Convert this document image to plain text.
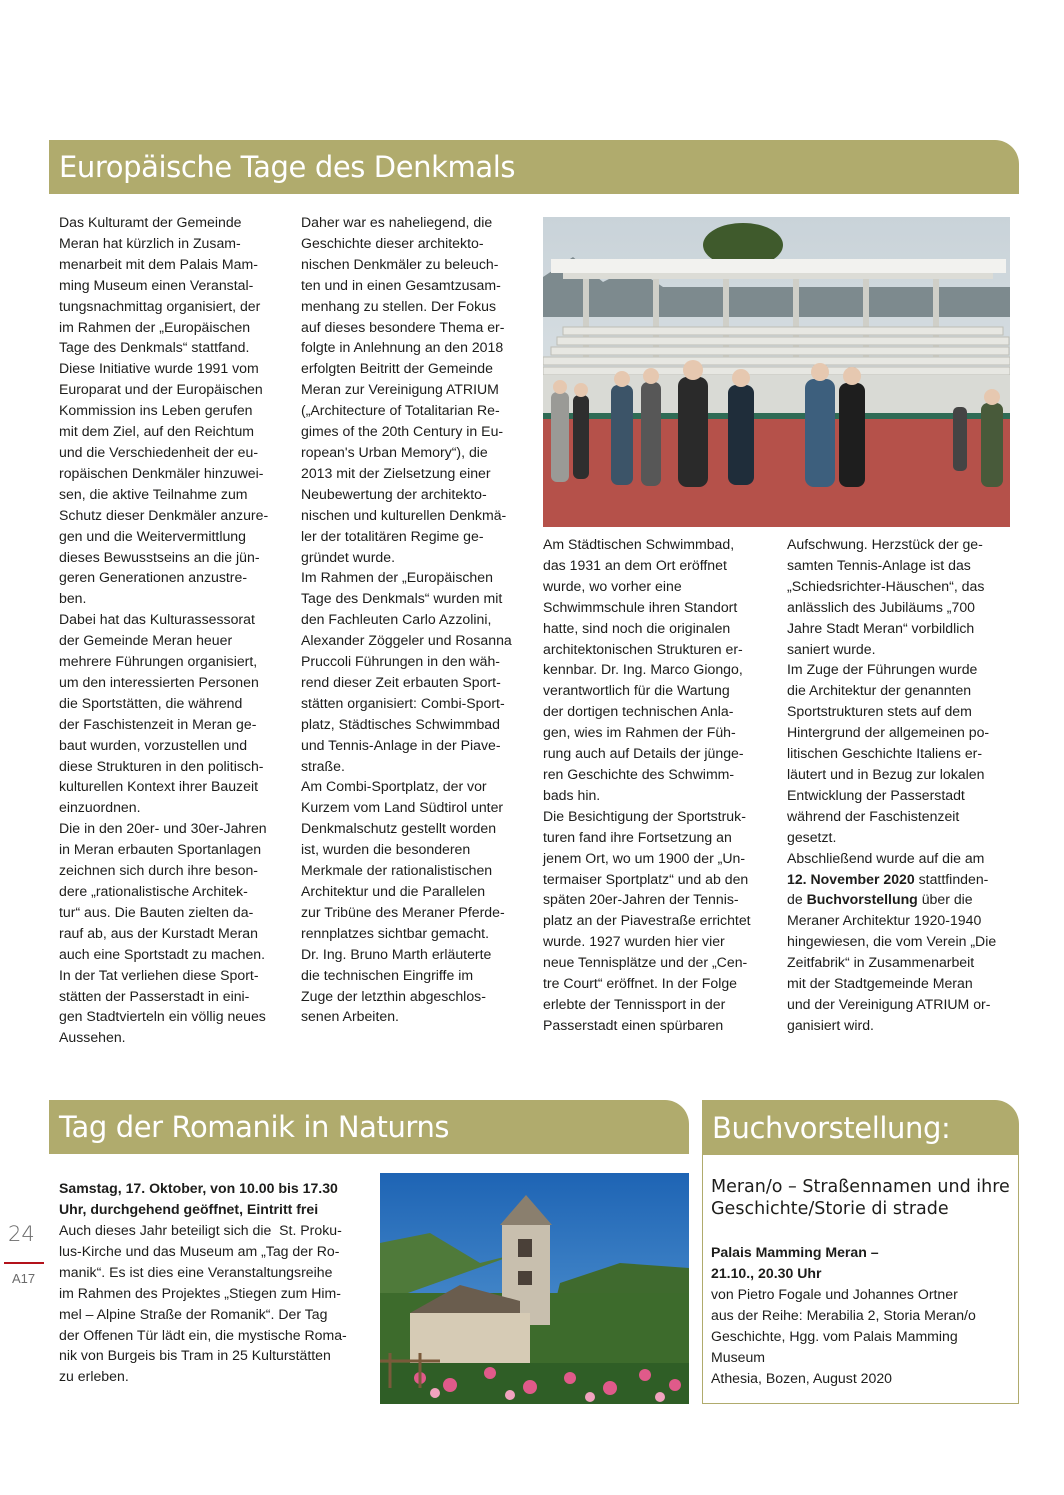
Europäische Tage des Denkmals

Das Kulturamt der Gemeinde
Meran hat kürzlich in Zusam-
menarbeit mit dem Palais Mam-
ming Museum einen Veranstal-
tungsnachmittag organisiert, der
im Rahmen der „Europäischen
Tage des Denkmals“ stattfand.
Diese Initiative wurde 1991 vom
Europarat und der Europäischen
Kommission ins Leben gerufen
mit dem Ziel, auf den Reichtum
und die Verschiedenheit der eu-
ropäischen Denkmäler hinzuwei-
sen, die aktive Teilnahme zum
Schutz dieser Denkmäler anzure-
gen und die Weitervermittlung
dieses Bewusstseins an die jün-
geren Generationen anzustre-
ben.
Dabei hat das Kulturassessorat
der Gemeinde Meran heuer
mehrere Führungen organisiert,
um den interessierten Personen
die Sportstätten, die während
der Faschistenzeit in Meran ge-
baut wurden, vorzustellen und
diese Strukturen in den politisch-
kulturellen Kontext ihrer Bauzeit
einzuordnen.
Die in den 20er- und 30er-Jahren
in Meran erbauten Sportanlagen
zeichnen sich durch ihre beson-
dere „rationalistische Architek-
tur“ aus. Die Bauten zielten da-
rauf ab, aus der Kurstadt Meran
auch eine Sportstadt zu machen.
In der Tat verliehen diese Sport-
stätten der Passerstadt in eini-
gen Stadtvierteln ein völlig neues
Aussehen.

Daher war es naheliegend, die
Geschichte dieser architekto-
nischen Denkmäler zu beleuch-
ten und in einen Gesamtzusam-
menhang zu stellen. Der Fokus
auf dieses besondere Thema er-
folgte in Anlehnung an den 2018
erfolgten Beitritt der Gemeinde
Meran zur Vereinigung ATRIUM
(„Architecture of Totalitarian Re-
gimes of the 20th Century in Eu-
ropean's Urban Memory“), die
2013 mit der Zielsetzung einer
Neubewertung der architekto-
nischen und kulturellen Denkmä-
ler der totalitären Regime ge-
gründet wurde.
Im Rahmen der „Europäischen
Tage des Denkmals“ wurden mit
den Fachleuten Carlo Azzolini,
Alexander Zöggeler und Rosanna
Pruccoli Führungen in den wäh-
rend dieser Zeit erbauten Sport-
stätten organisiert: Combi-Sport-
platz, Städtisches Schwimmbad
und Tennis-Anlage in der Piave-
straße.
Am Combi-Sportplatz, der vor
Kurzem vom Land Südtirol unter
Denkmalschutz gestellt worden
ist, wurden die besonderen
Merkmale der rationalistischen
Architektur und die Parallelen
zur Tribüne des Meraner Pferde-
rennplatzes sichtbar gemacht.
Dr. Ing. Bruno Marth erläuterte
die technischen Eingriffe im
Zuge der letzthin abgeschlos-
senen Arbeiten.

Am Städtischen Schwimmbad,
das 1931 an dem Ort eröffnet
wurde, wo vorher eine
Schwimmschule ihren Standort
hatte, sind noch die originalen
architektonischen Strukturen er-
kennbar. Dr. Ing. Marco Giongo,
verantwortlich für die Wartung
der dortigen technischen Anla-
gen, wies im Rahmen der Füh-
rung auch auf Details der jünge-
ren Geschichte des Schwimm-
bads hin.
Die Besichtigung der Sportstruk-
turen fand ihre Fortsetzung an
jenem Ort, wo um 1900 der „Un-
termaiser Sportplatz“ und ab den
späten 20er-Jahren der Tennis-
platz an der Piavestraße errichtet
wurde. 1927 wurden hier vier
neue Tennisplätze und der „Cen-
tre Court“ eröffnet. In der Folge
erlebte der Tennissport in der
Passerstadt einen spürbaren

Aufschwung. Herzstück der ge-
samten Tennis-Anlage ist das
„Schiedsrichter-Häuschen“, das
anlässlich des Jubiläums „700
Jahre Stadt Meran“ vorbildlich
saniert wurde.
Im Zuge der Führungen wurde
die Architektur der genannten
Sportstrukturen stets auf dem
Hintergrund der allgemeinen po-
litischen Geschichte Italiens er-
läutert und in Bezug zur lokalen
Entwicklung der Passerstadt
während der Faschistenzeit
gesetzt.
Abschließend wurde auf die am
12. November 2020 stattfinden-
de Buchvorstellung über die
Meraner Architektur 1920-1940
hingewiesen, die vom Verein „Die
Zeitfabrik“ in Zusammenarbeit
mit der Stadtgemeinde Meran
und der Vereinigung ATRIUM or-
ganisiert wird.

Tag der Romanik in Naturns

Samstag, 17. Oktober, von 10.00 bis 17.30
Uhr, durchgehend geöffnet, Eintritt frei

Auch dieses Jahr beteiligt sich die  St. Proku-
lus-Kirche und das Museum am „Tag der Ro-
manik“. Es ist dies eine Veranstaltungsreihe
im Rahmen des Projektes „Stiegen zum Him-
mel – Alpine Straße der Romanik“. Der Tag
der Offenen Tür lädt ein, die mystische Roma-
nik von Burgeis bis Tram in 25 Kulturstätten
zu erleben.

Buchvorstellung:
Meran/o – Straßennamen und ihre
Geschichte/Storie di strade

Palais Mamming Meran –
21.10., 20.30 Uhr

von Pietro Fogale und Johannes Ortner
aus der Reihe: Merabilia 2, Storia Meran/o
Geschichte, Hgg. vom Palais Mamming
Museum
Athesia, Bozen, August 2020

24
A17
